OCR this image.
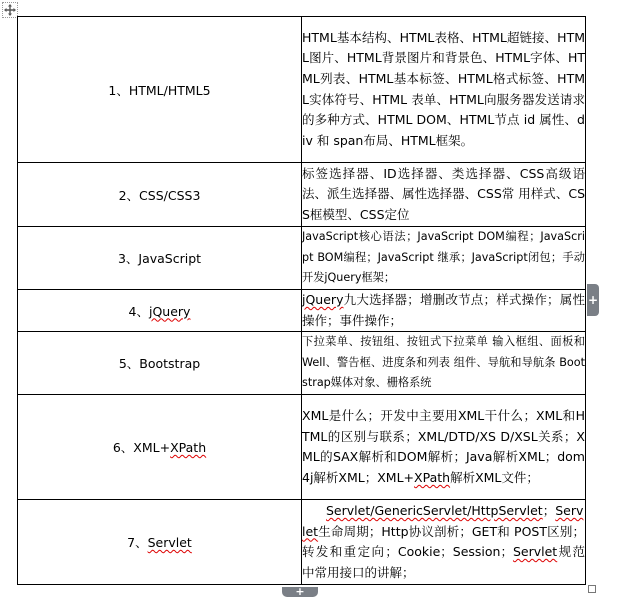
1、HTML/HTML5	HTML基本结构、HTML表格、HTML超链接、HTML图片、HTML背景图片和背景色、HTML字体、HTML列表、HTML基本标签、HTML格式标签、HTML实体符号、HTML 表单、HTML向服务器发送请求的多种方式、HTML DOM、HTML节点 id 属性、div 和 span布局、HTML框架。
2、CSS/CSS3	标签选择器、ID选择器、类选择器、CSS高级语法、派生选择器、属性选择器、CSS常 用样式、CSS框模型、CSS定位
3、JavaScript	JavaScript核心语法；JavaScript DOM编程；JavaScript BOM编程；JavaScript 继承；JavaScript闭包；手动开发jQuery框架；
4、jQuery	jQuery九大选择器；增删改节点；样式操作；属性操作；事件操作；
5、Bootstrap	下拉菜单、按钮组、按钮式下拉菜单 输入框组、面板和Well、警告框、进度条和列表 组件、导航和导航条 Bootstrap媒体对象、栅格系统
6、XML+XPath	XML是什么；开发中主要用XML干什么；XML和HTML的区别与联系；XML/DTD/XS D/XSL关系；XML的SAX解析和DOM解析；Java解析XML；dom4j解析XML；XML+XPath解析XML文件；
7、Servlet	Servlet/GenericServlet/HttpServlet；Servlet生命周期；Http协议剖析；GET和 POST区别；转发和重定向；Cookie；Session；Servlet规范中常用接口的讲解；
+
+
